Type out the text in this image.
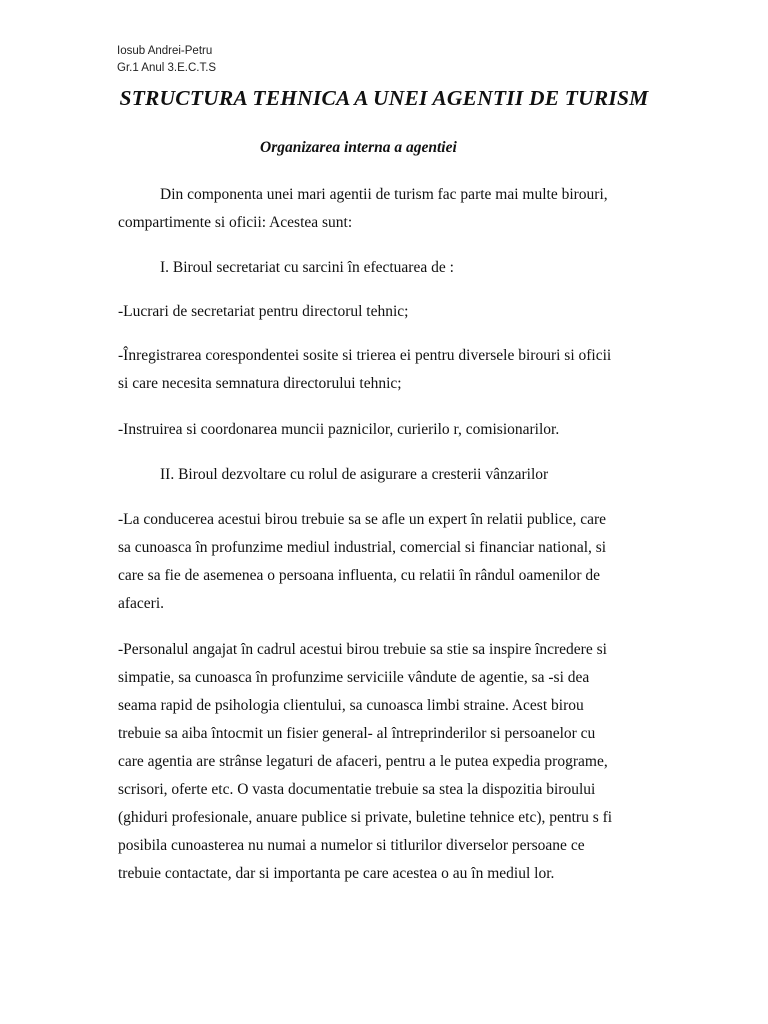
Iosub Andrei-Petru
Gr.1 Anul 3.E.C.T.S
STRUCTURA TEHNICA A UNEI AGENTII DE TURISM
Organizarea interna a agentiei

Din componenta unei mari agentii de turism fac parte mai multe birouri,
compartimente si oficii: Acestea sunt:

I. Biroul secretariat cu sarcini în efectuarea de :

-Lucrari de secretariat pentru directorul tehnic;

-Înregistrarea corespondentei sosite si trierea ei pentru diversele birouri si oficii
si care necesita semnatura directorului tehnic;

-Instruirea si coordonarea muncii paznicilor, curierilo r, comisionarilor.

II. Biroul dezvoltare cu rolul de asigurare a cresterii vânzarilor

-La conducerea acestui birou trebuie sa se afle un expert în relatii publice, care
sa cunoasca în profunzime mediul industrial, comercial si financiar national, si
care sa fie de asemenea o persoana influenta, cu relatii în rândul oamenilor de
afaceri.

-Personalul angajat în cadrul acestui birou trebuie sa stie sa inspire încredere si
simpatie, sa cunoasca în profunzime serviciile vândute de agentie, sa -si dea
seama rapid de psihologia clientului, sa cunoasca limbi straine. Acest birou
trebuie sa aiba întocmit un fisier general‐ al întreprinderilor si persoanelor cu
care agentia are strânse legaturi de afaceri, pentru a le putea expedia programe,
scrisori, oferte etc. O vasta documentatie trebuie sa stea la dispozitia biroului
(ghiduri profesionale, anuare publice si private, buletine tehnice etc), pentru s fi
posibila cunoasterea nu numai a numelor si titlurilor diverselor persoane ce
trebuie contactate, dar si importanta pe care acestea o au în mediul lor.
